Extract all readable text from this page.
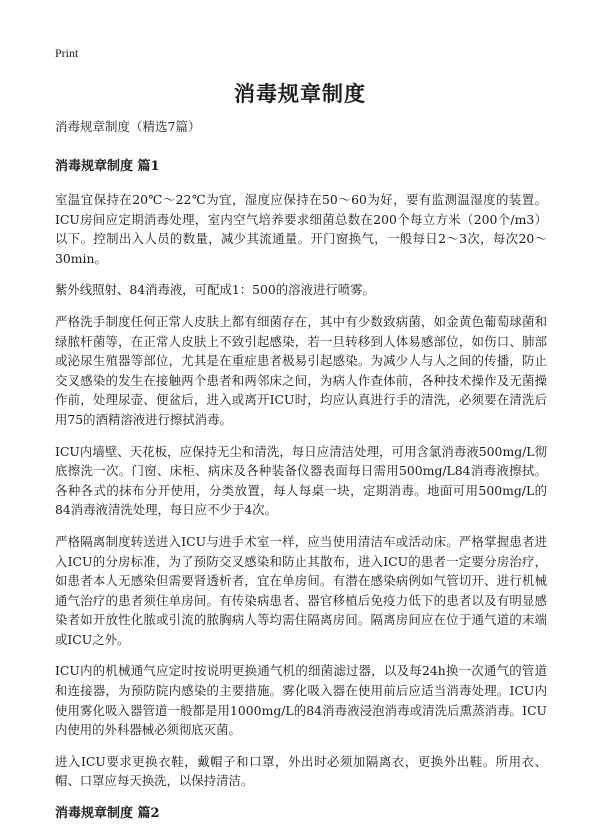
Print
消毒规章制度

消毒规章制度（精选7篇）

消毒规章制度 篇1

室温宜保持在20℃～22℃为宜，湿度应保持在50～60为好，要有监测温湿度的装置。ICU房间应定期消毒处理，室内空气培养要求细菌总数在200个每立方米（200个/m3）以下。控制出入人员的数量，减少其流通量。开门窗换气，一般每日2～3次，每次20～30min。

紫外线照射、84消毒液，可配成1：500的溶液进行喷雾。

严格洗手制度任何正常人皮肤上都有细菌存在，其中有少数致病菌，如金黄色葡萄球菌和绿脓杆菌等，在正常人皮肤上不致引起感染，若一旦转移到人体易感部位，如伤口、肺部或泌尿生殖器等部位，尤其是在重症患者极易引起感染。为减少人与人之间的传播，防止交叉感染的发生在接触两个患者和两邻床之间，为病人作查体前，各种技术操作及无菌操作前，处理尿壶、便盆后，进入或离开ICU时，均应认真进行手的清洗，必须要在清洗后用75的酒精溶液进行擦拭消毒。

ICU内墙壁、天花板，应保持无尘和清洗，每日应清洁处理，可用含氯消毒液500mg/L彻底擦洗一次。门窗、床柜、病床及各种装备仪器表面每日需用500mg/L84消毒液擦拭。各种各式的抹布分开使用，分类放置，每人每桌一块，定期消毒。地面可用500mg/L的84消毒液清洗处理，每日应不少于4次。

严格隔离制度转送进入ICU与进手术室一样，应当使用清洁车或活动床。严格掌握患者进入ICU的分房标准，为了预防交叉感染和防止其散布，进入ICU的患者一定要分房治疗，如患者本人无感染但需要肾透析者，宜在单房间。有潜在感染病例如气管切开、进行机械通气治疗的患者须住单房间。有传染病患者、器官移植后免疫力低下的患者以及有明显感染者如开放性化脓或引流的脓胸病人等均需住隔离房间。隔离房间应在位于通气道的末端或ICU之外。

ICU内的机械通气应定时按说明更换通气机的细菌滤过器，以及每24h换一次通气的管道和连接器，为预防院内感染的主要措施。雾化吸入器在使用前后应适当消毒处理。ICU内使用雾化吸入器管道一般都是用1000mg/L的84消毒液浸泡消毒或清洗后熏蒸消毒。ICU内使用的外科器械必须彻底灭菌。

进入ICU要求更换衣鞋，戴帽子和口罩，外出时必须加隔离衣，更换外出鞋。所用衣、帽、口罩应每天换洗，以保持清洁。

消毒规章制度 篇2
